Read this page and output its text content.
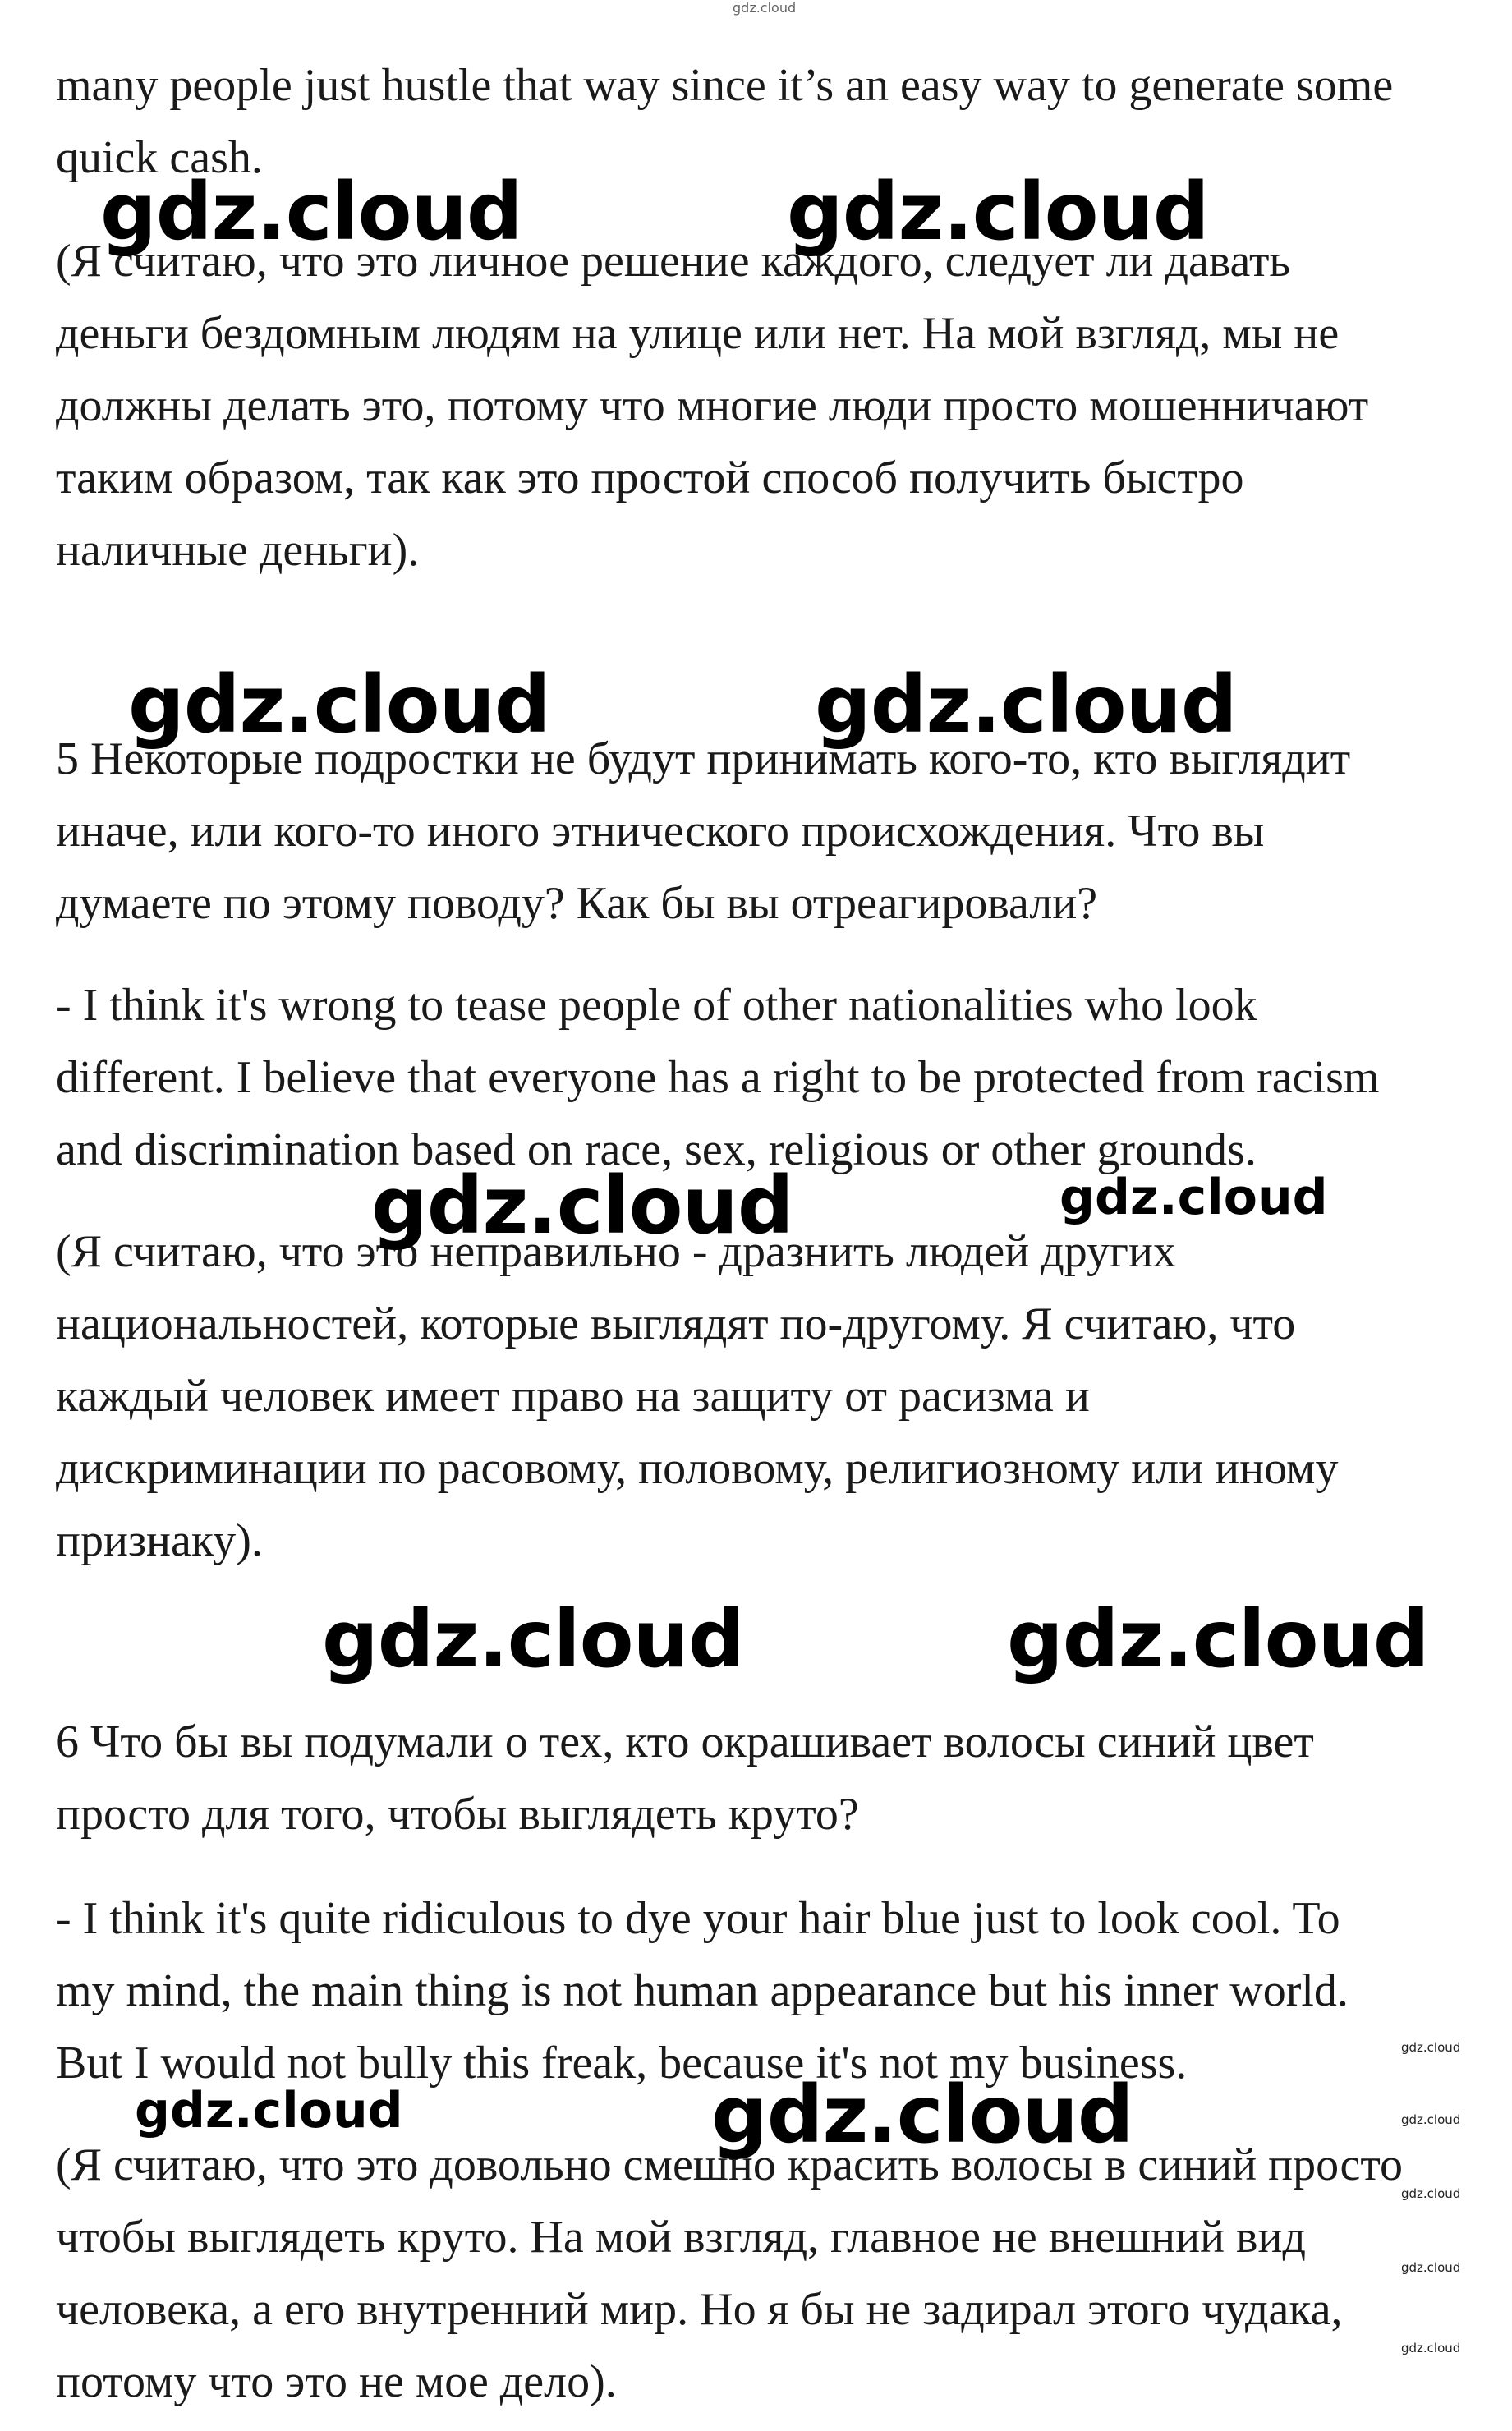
gdz.cloud

many people just hustle that way since it’s an easy way to generate some
quick cash.

(Я считаю, что это личное решение каждого, следует ли давать
деньги бездомным людям на улице или нет. На мой взгляд, мы не
должны делать это, потому что многие люди просто мошенничают
таким образом, так как это простой способ получить быстро
наличные деньги).

5 Некоторые подростки не будут принимать кого-то, кто выглядит
иначе, или кого-то иного этнического происхождения. Что вы
думаете по этому поводу? Как бы вы отреагировали?

- I think it's wrong to tease people of other nationalities who look
different. I believe that everyone has a right to be protected from racism
and discrimination based on race, sex, religious or other grounds.

(Я считаю, что это неправильно - дразнить людей других
национальностей, которые выглядят по-другому. Я считаю, что
каждый человек имеет право на защиту от расизма и
дискриминации по расовому, половому, религиозному или иному
признаку).

6 Что бы вы подумали о тех, кто окрашивает волосы синий цвет
просто для того, чтобы выглядеть круто?

- I think it's quite ridiculous to dye your hair blue just to look cool. To
my mind, the main thing is not human appearance but his inner world.
But I would not bully this freak, because it's not my business.

(Я считаю, что это довольно смешно красить волосы в синий просто
чтобы выглядеть круто. На мой взгляд, главное не внешний вид
человека, а его внутренний мир. Но я бы не задирал этого чудака,
потому что это не мое дело).

gdz.cloud	gdz.cloud
gdz.cloud	gdz.cloud
gdz.cloud	gdz.cloud
gdz.cloud	gdz.cloud
gdz.cloud	gdz.cloud
gdz.cloud
gdz.cloud
gdz.cloud
gdz.cloud
gdz.cloud
